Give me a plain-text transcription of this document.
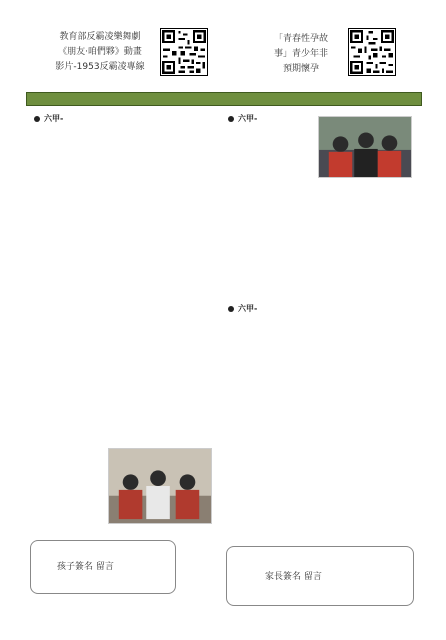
教育部反霸凌樂舞劇
《朋友‧咱們夥》動畫
影片-1953反霸凌專線
「青春性孕故
事」青少年非
預期懷孕
六甲-	六甲-
六甲-
孩子簽名 留言
家長簽名 留言
